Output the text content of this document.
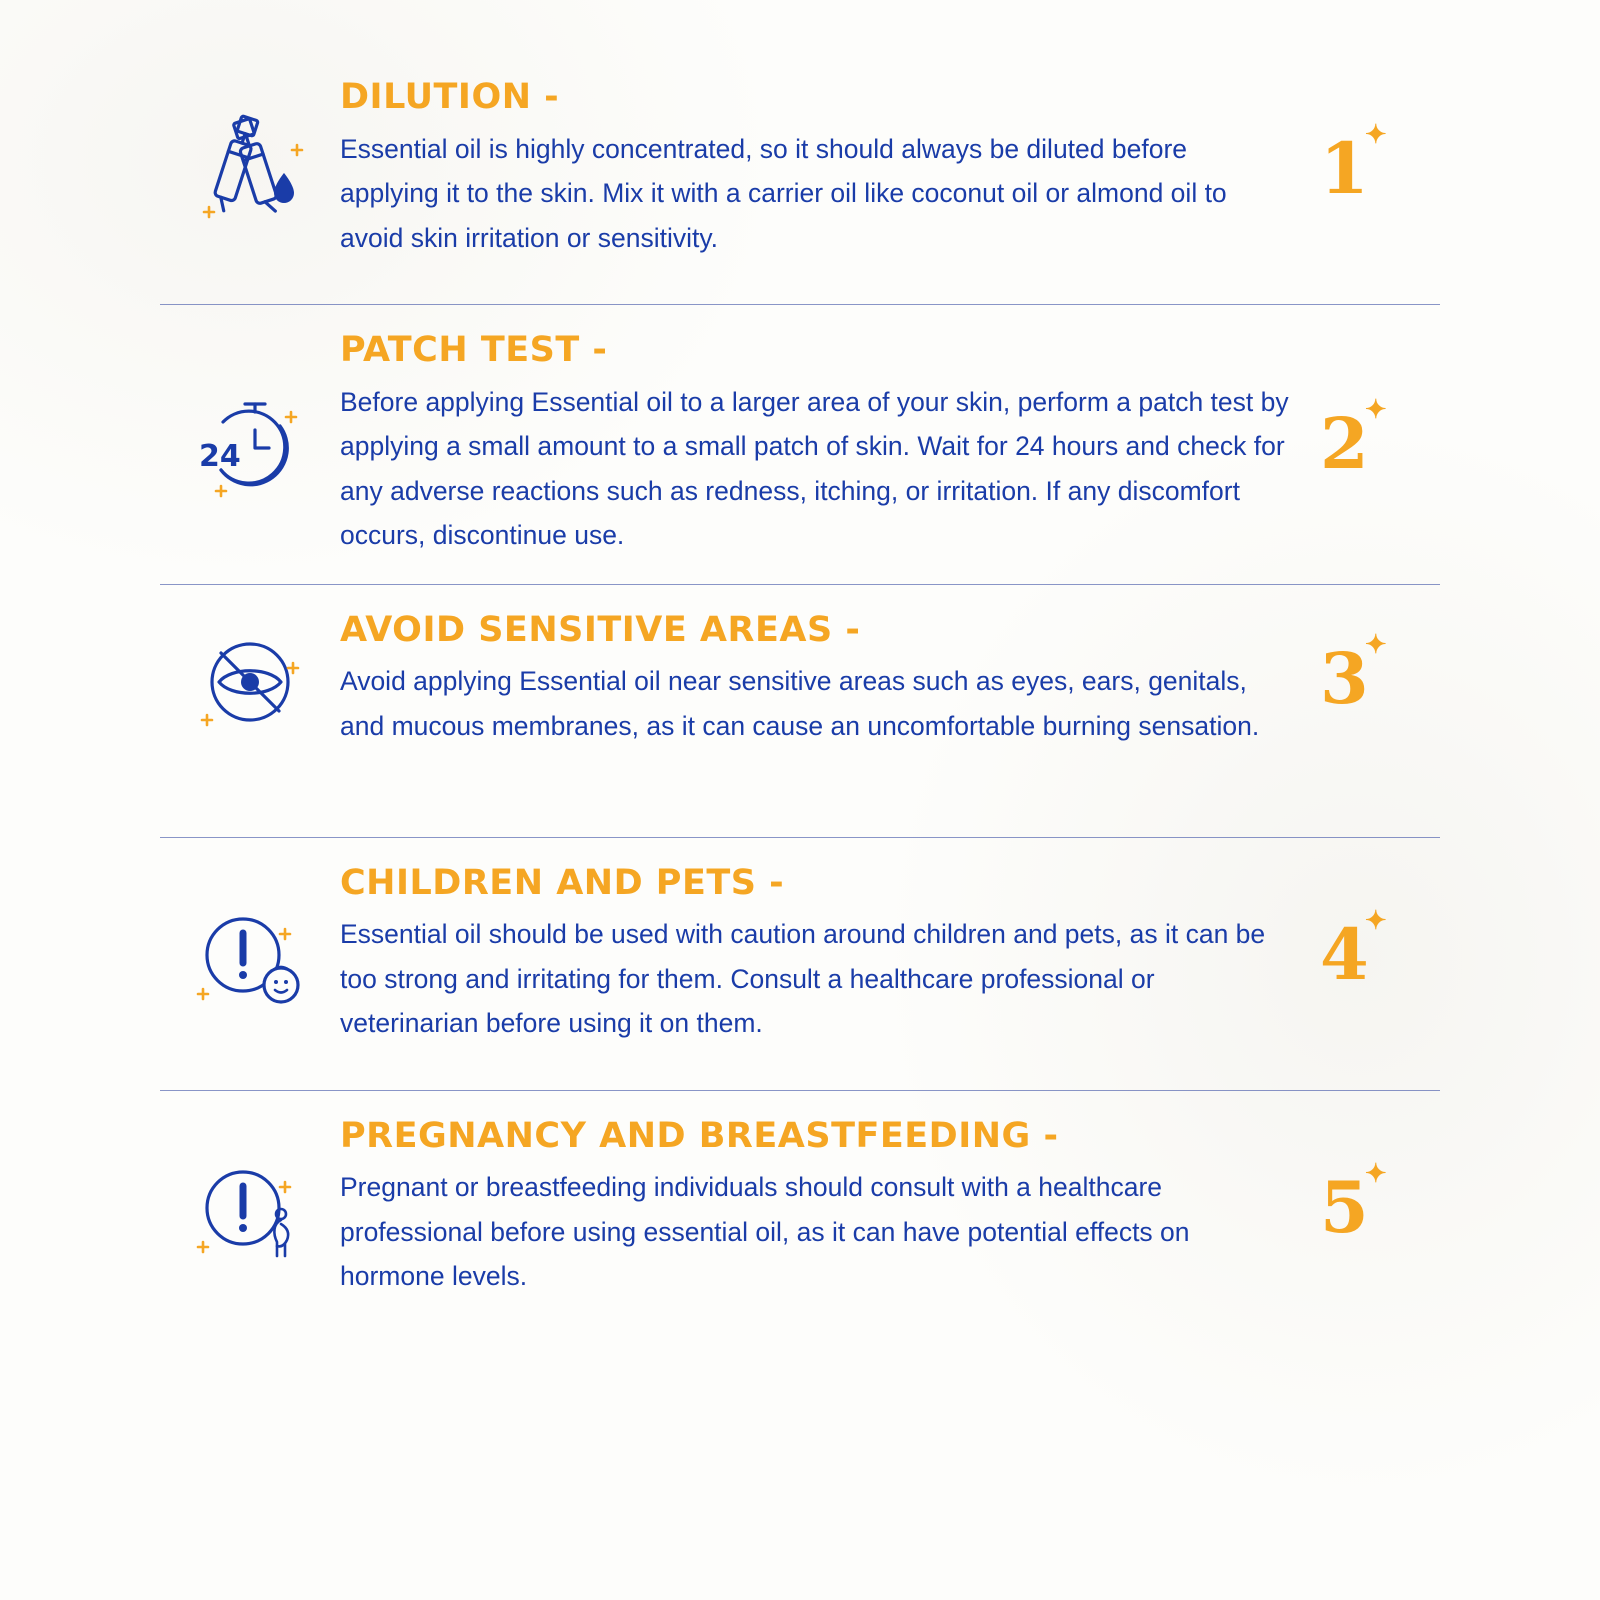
DILUTION -

Essential oil is highly concentrated, so it should always be diluted before applying it to the skin. Mix it with a carrier oil like coconut oil or almond oil to avoid skin irritation or sensitivity.

1
✦
24
PATCH TEST -

Before applying Essential oil to a larger area of your skin, perform a patch test by applying a small amount to a small patch of skin. Wait for 24 hours and check for any adverse reactions such as redness, itching, or irritation. If any discomfort occurs, discontinue use.

2
✦
AVOID SENSITIVE AREAS -

Avoid applying Essential oil near sensitive areas such as eyes, ears, genitals, and mucous membranes, as it can cause an uncomfortable burning sensation.

3
✦
CHILDREN AND PETS -

Essential oil should be used with caution around children and pets, as it can be too strong and irritating for them. Consult a healthcare professional or veterinarian before using it on them.

4
✦
PREGNANCY AND BREASTFEEDING -

Pregnant or breastfeeding individuals should consult with a healthcare professional before using essential oil, as it can have potential effects on hormone levels.

5
✦
